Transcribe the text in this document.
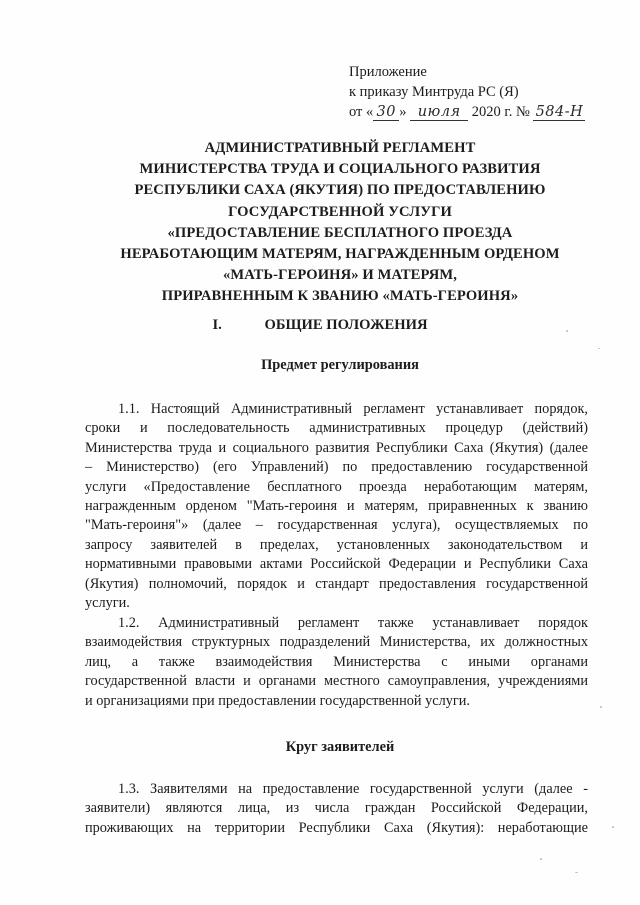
Приложение
к приказу Минтруда РС (Я)
от « 30 » июля 2020 г. № 584-Н
АДМИНИСТРАТИВНЫЙ РЕГЛАМЕНТ
МИНИСТЕРСТВА ТРУДА И СОЦИАЛЬНОГО РАЗВИТИЯ
РЕСПУБЛИКИ САХА (ЯКУТИЯ) ПО ПРЕДОСТАВЛЕНИЮ
ГОСУДАРСТВЕННОЙ УСЛУГИ
«ПРЕДОСТАВЛЕНИЕ БЕСПЛАТНОГО ПРОЕЗДА
НЕРАБОТАЮЩИМ МАТЕРЯМ, НАГРАЖДЕННЫМ ОРДЕНОМ
«МАТЬ-ГЕРОИНЯ» И МАТЕРЯМ,
ПРИРАВНЕННЫМ К ЗВАНИЮ «МАТЬ-ГЕРОИНЯ»
I.	ОБЩИЕ ПОЛОЖЕНИЯ
Предмет регулирования
1.1. Настоящий Административный регламент устанавливает порядок,
сроки и последовательность административных процедур (действий)
Министерства труда и социального развития Республики Саха (Якутия) (далее
– Министерство) (его Управлений) по предоставлению государственной
услуги «Предоставление бесплатного проезда неработающим матерям,
награжденным орденом "Мать-героиня и матерям, приравненных к званию
"Мать-героиня"» (далее – государственная услуга), осуществляемых по
запросу заявителей в пределах, установленных законодательством и
нормативными правовыми актами Российской Федерации и Республики Саха
(Якутия) полномочий, порядок и стандарт предоставления государственной
услуги.
1.2. Административный регламент также устанавливает порядок
взаимодействия структурных подразделений Министерства, их должностных
лиц, а также взаимодействия Министерства с иными органами
государственной власти и органами местного самоуправления, учреждениями
и организациями при предоставлении государственной услуги.
Круг заявителей
1.3. Заявителями на предоставление государственной услуги (далее -
заявители) являются лица, из числа граждан Российской Федерации,
проживающих на территории Республики Саха (Якутия): неработающие
